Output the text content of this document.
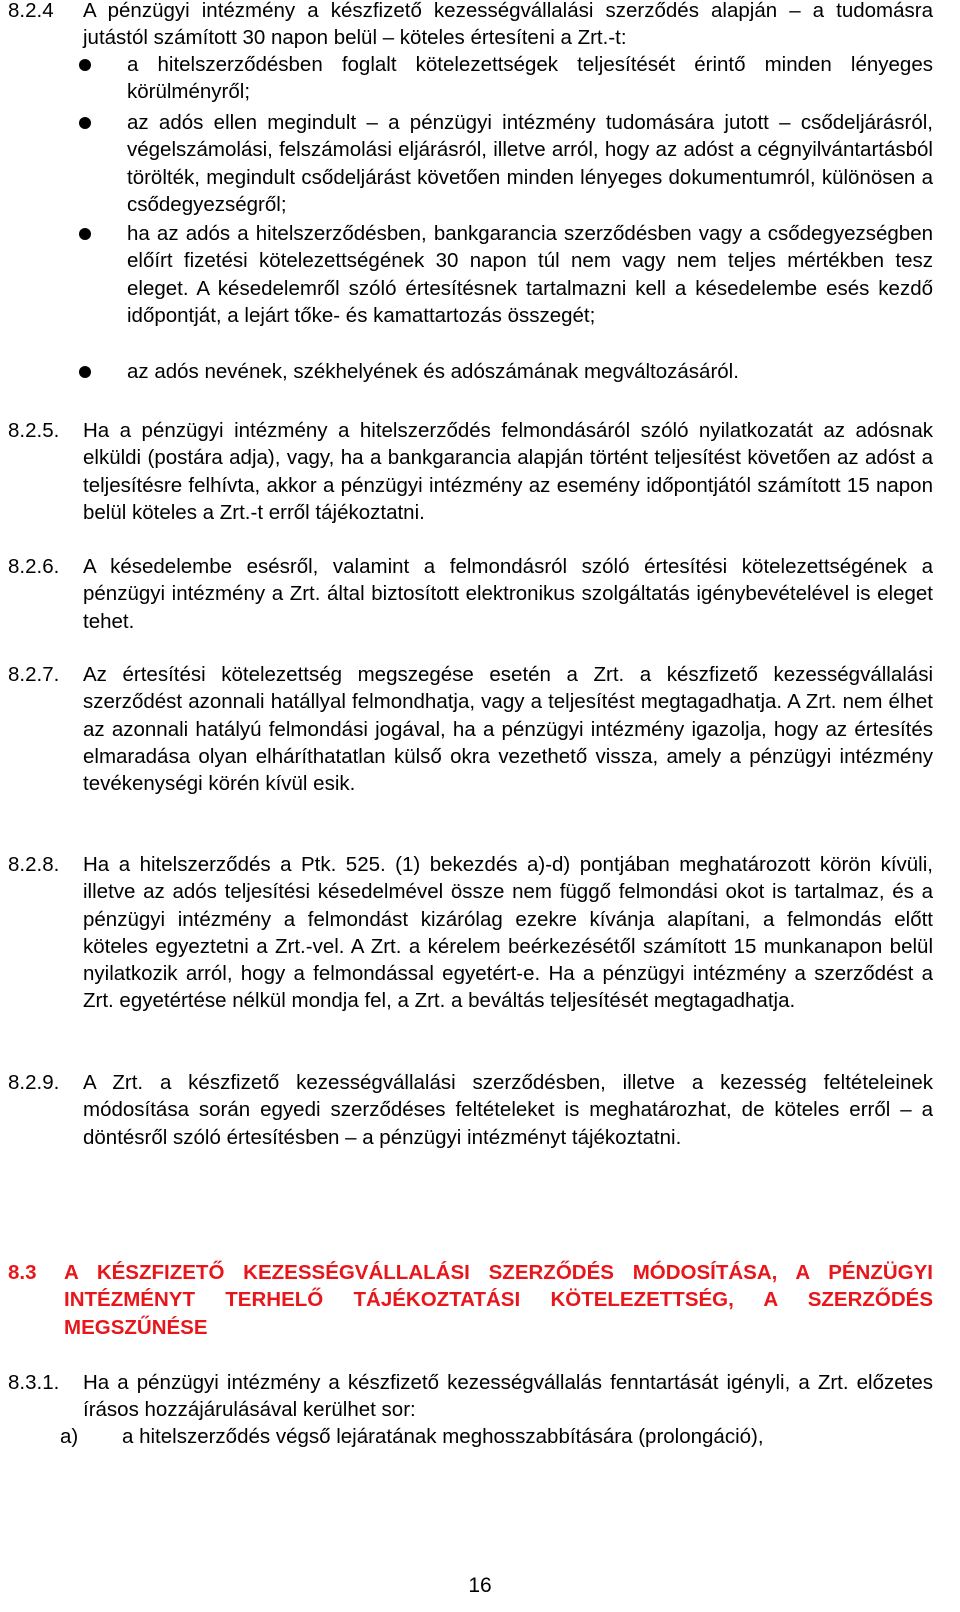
8.2.4 A pénzügyi intézmény a készfizető kezességvállalási szerződés alapján – a tudomásra jutástól számított 30 napon belül – köteles értesíteni a Zrt.-t:
a hitelszerződésben foglalt kötelezettségek teljesítését érintő minden lényeges körülményről;
az adós ellen megindult – a pénzügyi intézmény tudomására jutott – csődeljárásról, végelszámolási, felszámolási eljárásról, illetve arról, hogy az adóst a cégnyilvántartásból törölték, megindult csődeljárást követően minden lényeges dokumentumról, különösen a csődegyezségről;
ha az adós a hitelszerződésben, bankgarancia szerződésben vagy a csődegyezségben előírt fizetési kötelezettségének 30 napon túl nem vagy nem teljes mértékben tesz eleget. A késedelemről szóló értesítésnek tartalmazni kell a késedelembe esés kezdő időpontját, a lejárt tőke- és kamattartozás összegét;
az adós nevének, székhelyének és adószámának megváltozásáról.
8.2.5. Ha a pénzügyi intézmény a hitelszerződés felmondásáról szóló nyilatkozatát az adósnak elküldi (postára adja), vagy, ha a bankgarancia alapján történt teljesítést követően az adóst a teljesítésre felhívta, akkor a pénzügyi intézmény az esemény időpontjától számított 15 napon belül köteles a Zrt.-t erről tájékoztatni.
8.2.6. A késedelembe esésről, valamint a felmondásról szóló értesítési kötelezettségének a pénzügyi intézmény a Zrt. által biztosított elektronikus szolgáltatás igénybevételével is eleget tehet.
8.2.7. Az értesítési kötelezettség megszegése esetén a Zrt. a készfizető kezességvállalási szerződést azonnali hatállyal felmondhatja, vagy a teljesítést megtagadhatja. A Zrt. nem élhet az azonnali hatályú felmondási jogával, ha a pénzügyi intézmény igazolja, hogy az értesítés elmaradása olyan elháríthatatlan külső okra vezethető vissza, amely a pénzügyi intézmény tevékenységi körén kívül esik.
8.2.8. Ha a hitelszerződés a Ptk. 525. (1) bekezdés a)-d) pontjában meghatározott körön kívüli, illetve az adós teljesítési késedelmével össze nem függő felmondási okot is tartalmaz, és a pénzügyi intézmény a felmondást kizárólag ezekre kívánja alapítani, a felmondás előtt köteles egyeztetni a Zrt.-vel. A Zrt. a kérelem beérkezésétől számított 15 munkanapon belül nyilatkozik arról, hogy a felmondással egyetért-e. Ha a pénzügyi intézmény a szerződést a Zrt. egyetértése nélkül mondja fel, a Zrt. a beváltás teljesítését megtagadhatja.
8.2.9. A Zrt. a készfizető kezességvállalási szerződésben, illetve a kezesség feltételeinek módosítása során egyedi szerződéses feltételeket is meghatározhat, de köteles erről – a döntésről szóló értesítésben – a pénzügyi intézményt tájékoztatni.
8.3 A KÉSZFIZETŐ KEZESSÉGVÁLLALÁSI SZERZŐDÉS MÓDOSÍTÁSA, A PÉNZÜGYI INTÉZMÉNYT TERHELŐ TÁJÉKOZTATÁSI KÖTELEZETTSÉG, A SZERZŐDÉS MEGSZŰNÉSE
8.3.1. Ha a pénzügyi intézmény a készfizető kezességvállalás fenntartását igényli, a Zrt. előzetes írásos hozzájárulásával kerülhet sor:
a) a hitelszerződés végső lejáratának meghosszabbítására (prolongáció),
16
